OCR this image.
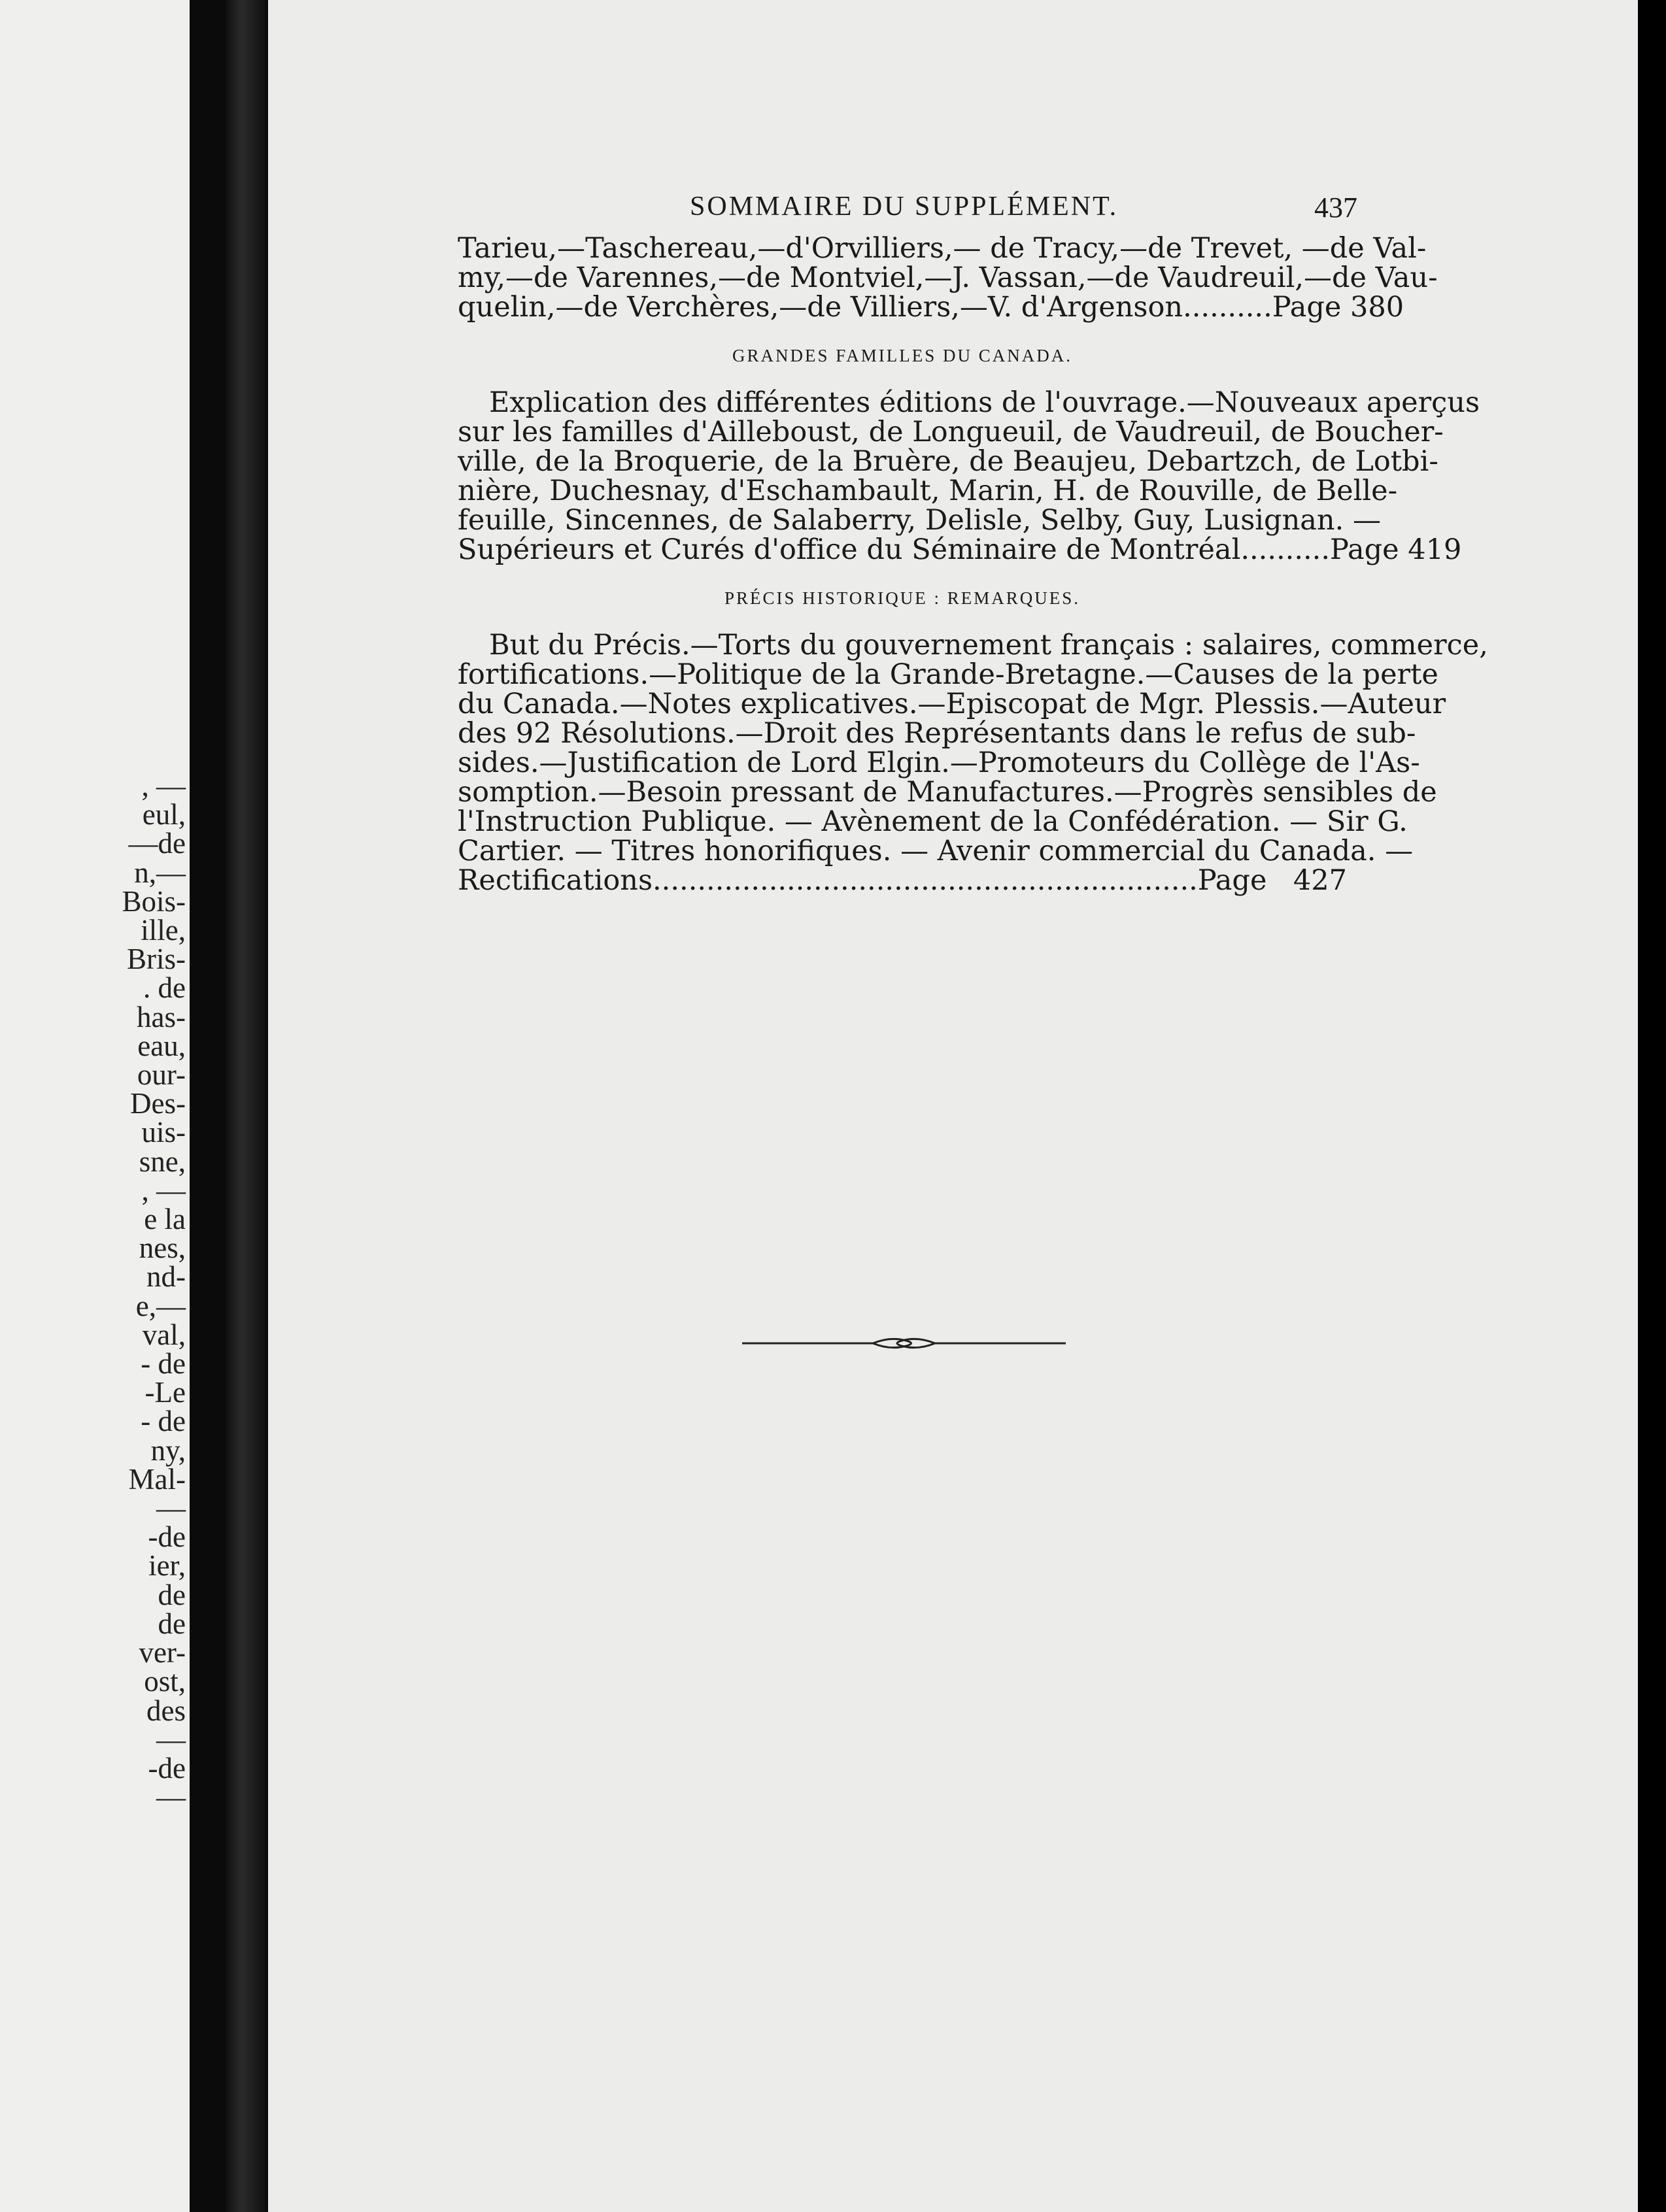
, —
eul,
—de
n,—
Bois-
ille,
Bris-
. de
has-
eau,
our-
Des-
uis-
sne,
, —
e la
nes,
nd-
e,—
val,
- de
-Le
- de
ny,
Mal-
—
-de
ier,
de
de
ver-
ost,
des
—
-de
—
SOMMAIRE DU SUPPLÉMENT.	437

Tarieu,—Taschereau,—d'Orvilliers,— de Tracy,—de Trevet, —de Val-
my,—de Varennes,—de Montviel,—J. Vassan,—de Vaudreuil,—de Vau-
quelin,—de Verchères,—de Villiers,—V. d'Argenson..........Page 380

GRANDES FAMILLES DU CANADA.

Explication des différentes éditions de l'ouvrage.—Nouveaux aperçus
sur les familles d'Ailleboust, de Longueuil, de Vaudreuil, de Boucher-
ville, de la Broquerie, de la Bruère, de Beaujeu, Debartzch, de Lotbi-
nière, Duchesnay, d'Eschambault, Marin, H. de Rouville, de Belle-
feuille, Sincennes, de Salaberry, Delisle, Selby, Guy, Lusignan. —
Supérieurs et Curés d'office du Séminaire de Montréal..........Page 419

PRÉCIS HISTORIQUE : REMARQUES.

But du Précis.—Torts du gouvernement français : salaires, commerce,
fortifications.—Politique de la Grande-Bretagne.—Causes de la perte
du Canada.—Notes explicatives.—Episcopat de Mgr. Plessis.—Auteur
des 92 Résolutions.—Droit des Représentants dans le refus de sub-
sides.—Justification de Lord Elgin.—Promoteurs du Collège de l'As-
somption.—Besoin pressant de Manufactures.—Progrès sensibles de
l'Instruction Publique. — Avènement de la Confédération. — Sir G.
Cartier. — Titres honorifiques. — Avenir commercial du Canada. —
Rectifications.............................................................Page 427
